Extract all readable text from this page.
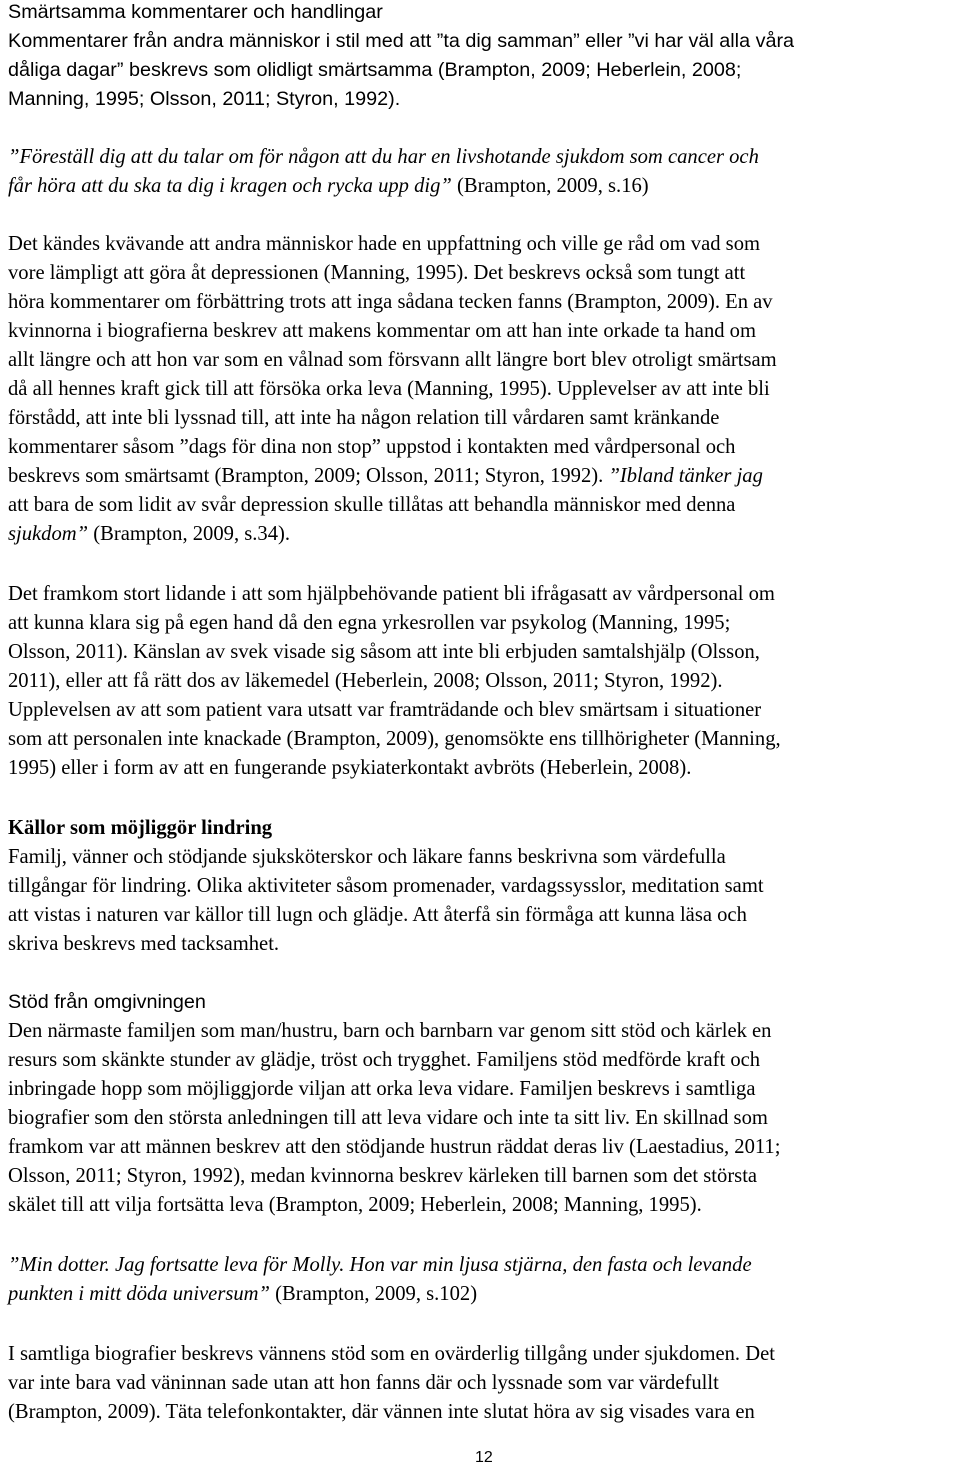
Smärtsamma kommentarer och handlingar
Kommentarer från andra människor i stil med att ”ta dig samman” eller ”vi har väl alla våra
dåliga dagar” beskrevs som olidligt smärtsamma (Brampton, 2009; Heberlein, 2008;
Manning, 1995; Olsson, 2011; Styron, 1992).
”Föreställ dig att du talar om för någon att du har en livshotande sjukdom som cancer och
får höra att du ska ta dig i kragen och rycka upp dig” (Brampton, 2009, s.16)
Det kändes kvävande att andra människor hade en uppfattning och ville ge råd om vad som
vore lämpligt att göra åt depressionen (Manning, 1995). Det beskrevs också som tungt att
höra kommentarer om förbättring trots att inga sådana tecken fanns (Brampton, 2009). En av
kvinnorna i biografierna beskrev att makens kommentar om att han inte orkade ta hand om
allt längre och att hon var som en vålnad som försvann allt längre bort blev otroligt smärtsam
då all hennes kraft gick till att försöka orka leva (Manning, 1995). Upplevelser av att inte bli
förstådd, att inte bli lyssnad till, att inte ha någon relation till vårdaren samt kränkande
kommentarer såsom ”dags för dina non stop” uppstod i kontakten med vårdpersonal och
beskrevs som smärtsamt (Brampton, 2009; Olsson, 2011; Styron, 1992). ”Ibland tänker jag
att bara de som lidit av svår depression skulle tillåtas att behandla människor med denna
sjukdom” (Brampton, 2009, s.34).
Det framkom stort lidande i att som hjälpbehövande patient bli ifrågasatt av vårdpersonal om
att kunna klara sig på egen hand då den egna yrkesrollen var psykolog (Manning, 1995;
Olsson, 2011). Känslan av svek visade sig såsom att inte bli erbjuden samtalshjälp (Olsson,
2011), eller att få rätt dos av läkemedel (Heberlein, 2008; Olsson, 2011; Styron, 1992).
Upplevelsen av att som patient vara utsatt var framträdande och blev smärtsam i situationer
som att personalen inte knackade (Brampton, 2009), genomsökte ens tillhörigheter (Manning,
1995) eller i form av att en fungerande psykiaterkontakt avbröts (Heberlein, 2008).
Källor som möjliggör lindring
Familj, vänner och stödjande sjuksköterskor och läkare fanns beskrivna som värdefulla
tillgångar för lindring. Olika aktiviteter såsom promenader, vardagssysslor, meditation samt
att vistas i naturen var källor till lugn och glädje. Att återfå sin förmåga att kunna läsa och
skriva beskrevs med tacksamhet.
Stöd från omgivningen
Den närmaste familjen som man/hustru, barn och barnbarn var genom sitt stöd och kärlek en
resurs som skänkte stunder av glädje, tröst och trygghet. Familjens stöd medförde kraft och
inbringade hopp som möjliggjorde viljan att orka leva vidare. Familjen beskrevs i samtliga
biografier som den största anledningen till att leva vidare och inte ta sitt liv. En skillnad som
framkom var att männen beskrev att den stödjande hustrun räddat deras liv (Laestadius, 2011;
Olsson, 2011; Styron, 1992), medan kvinnorna beskrev kärleken till barnen som det största
skälet till att vilja fortsätta leva (Brampton, 2009; Heberlein, 2008; Manning, 1995).
”Min dotter. Jag fortsatte leva för Molly. Hon var min ljusa stjärna, den fasta och levande
punkten i mitt döda universum” (Brampton, 2009, s.102)
I samtliga biografier beskrevs vännens stöd som en ovärderlig tillgång under sjukdomen. Det
var inte bara vad väninnan sade utan att hon fanns där och lyssnade som var värdefullt
(Brampton, 2009). Täta telefonkontakter, där vännen inte slutat höra av sig visades vara en
12
